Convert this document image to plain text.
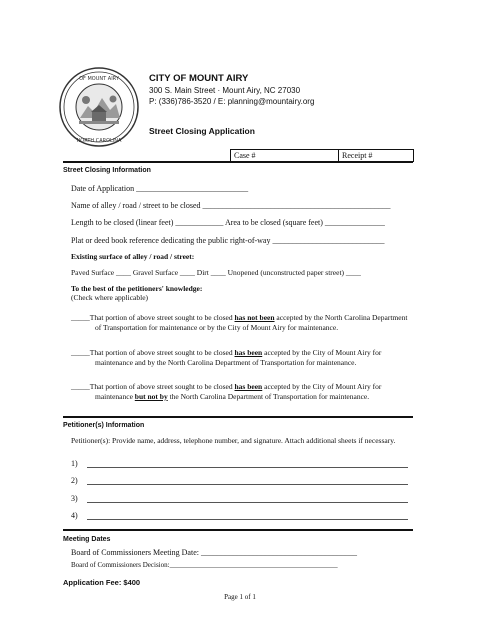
OF MOUNT AIRY
NORTH CAROLINA
CITY OF MOUNT AIRY
300 S. Main Street · Mount Airy, NC 27030
P: (336)786-3520 / E: planning@mountairy.org
Street Closing Application
Case #	Receipt #
Street Closing Information
Date of Application ____________________________
Name of alley / road / street to be closed _______________________________________________
Length to be closed (linear feet) ____________ Area to be closed (square feet) _______________
Plat or deed book reference dedicating the public right-of-way ____________________________
Existing surface of alley / road / street:
Paved Surface ____ Gravel Surface ____ Dirt ____ Unopened (unconstructed paper street) ____
To the best of the petitioners' knowledge:
(Check where applicable)
_____That portion of above street sought to be closed has not been accepted by the North Carolina Department of Transportation for maintenance or by the City of Mount Airy for maintenance.
_____That portion of above street sought to be closed has been accepted by the City of Mount Airy for maintenance and by the North Carolina Department of Transportation for maintenance.
_____That portion of above street sought to be closed has been accepted by the City of Mount Airy for maintenance but not by the North Carolina Department of Transportation for maintenance.
Petitioner(s) Information
Petitioner(s): Provide name, address, telephone number, and signature. Attach additional sheets if necessary.
1)
2)
3)
4)
Meeting Dates
Board of Commissioners Meeting Date: _______________________________________
Board of Commissioners Decision:________________________________________________
Application Fee: $400
Page 1 of 1
